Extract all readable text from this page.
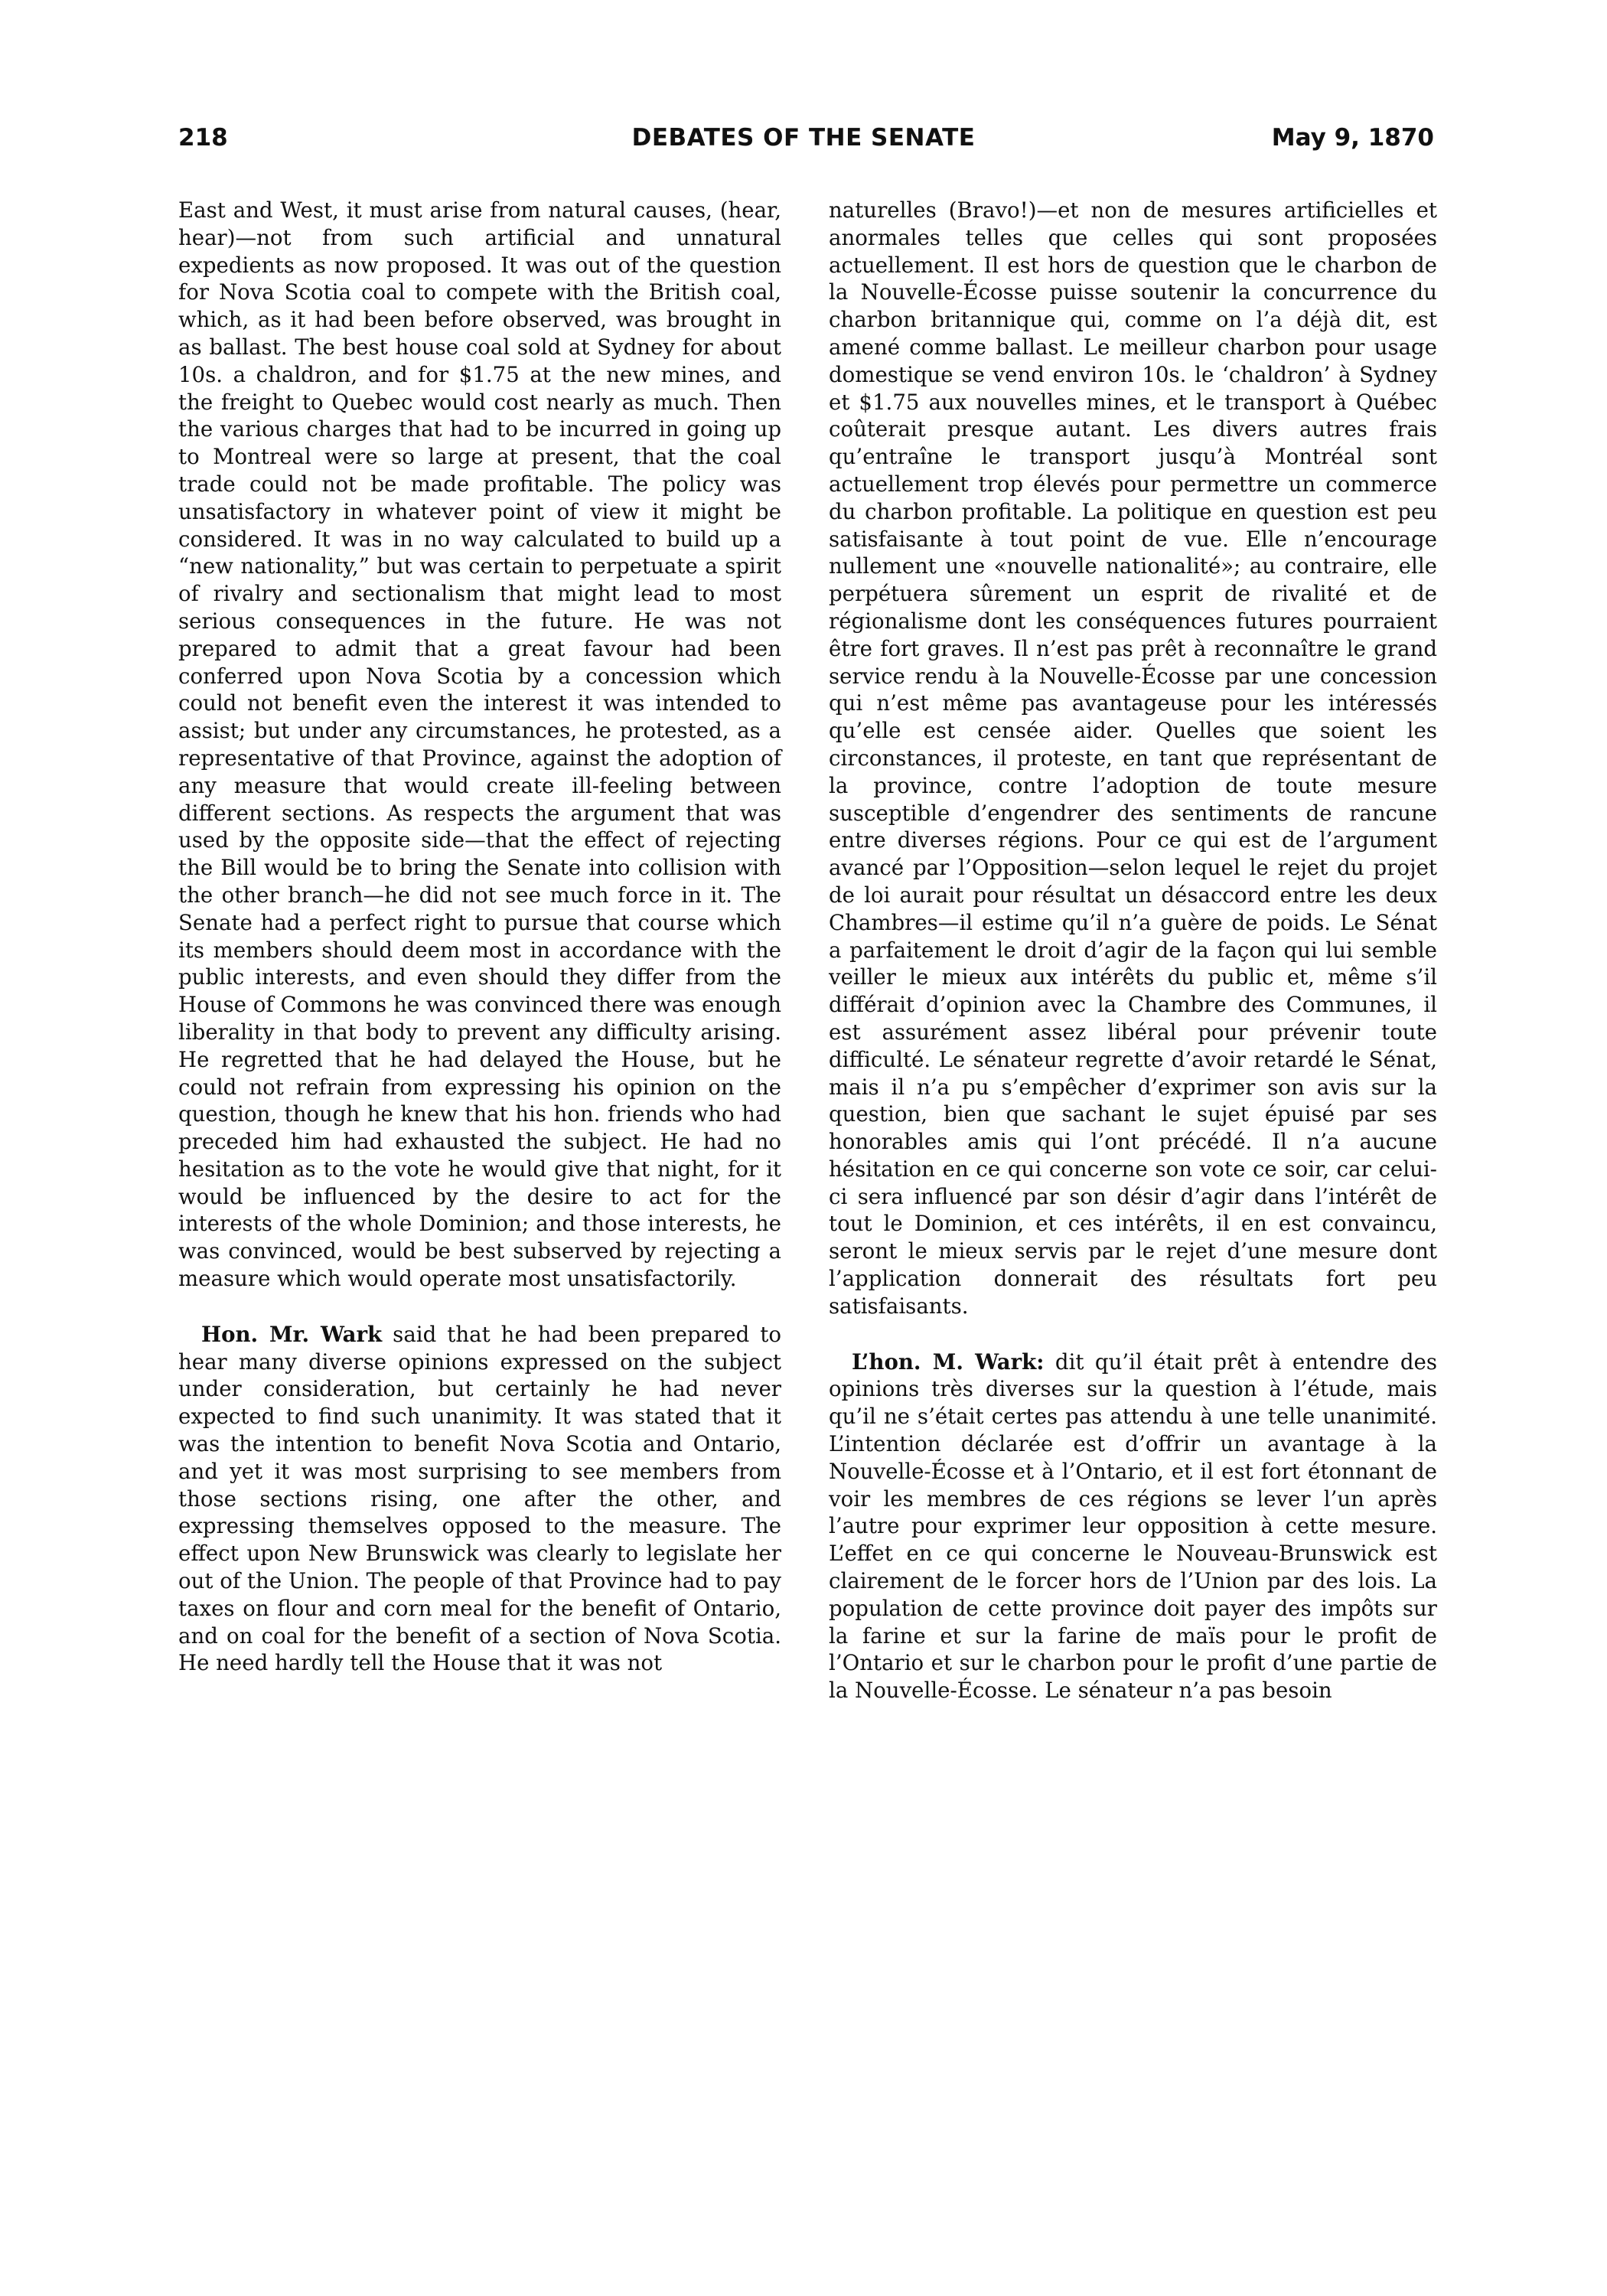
218	DEBATES OF THE SENATE	May 9, 1870

East and West, it must arise from natural causes, (hear, hear)—not from such artificial and unnatural expedients as now proposed. It was out of the question for Nova Scotia coal to compete with the British coal, which, as it had been before observed, was brought in as ballast. The best house coal sold at Sydney for about 10s. a chaldron, and for $1.75 at the new mines, and the freight to Quebec would cost nearly as much. Then the various charges that had to be incurred in going up to Montreal were so large at present, that the coal trade could not be made profitable. The policy was unsatisfactory in whatever point of view it might be considered. It was in no way calculated to build up a “new nationality,” but was certain to perpetuate a spirit of rivalry and sectionalism that might lead to most serious consequences in the future. He was not prepared to admit that a great favour had been conferred upon Nova Scotia by a concession which could not benefit even the interest it was intended to assist; but under any circumstances, he protested, as a representative of that Province, against the adoption of any measure that would create ill-feeling between different sections. As respects the argument that was used by the opposite side—that the effect of rejecting the Bill would be to bring the Senate into collision with the other branch—he did not see much force in it. The Senate had a perfect right to pursue that course which its members should deem most in accordance with the public interests, and even should they differ from the House of Commons he was convinced there was enough liberality in that body to prevent any difficulty arising. He regretted that he had delayed the House, but he could not refrain from expressing his opinion on the question, though he knew that his hon. friends who had preceded him had exhausted the subject. He had no hesitation as to the vote he would give that night, for it would be influenced by the desire to act for the interests of the whole Dominion; and those interests, he was convinced, would be best subserved by rejecting a measure which would operate most unsatisfactorily.

Hon. Mr. Wark said that he had been prepared to hear many diverse opinions expressed on the subject under consideration, but certainly he had never expected to find such unanimity. It was stated that it was the intention to benefit Nova Scotia and Ontario, and yet it was most surprising to see members from those sections rising, one after the other, and expressing themselves opposed to the measure. The effect upon New Brunswick was clearly to legislate her out of the Union. The people of that Province had to pay taxes on flour and corn meal for the benefit of Ontario, and on coal for the benefit of a section of Nova Scotia. He need hardly tell the House that it was not

naturelles (Bravo!)—et non de mesures artificielles et anormales telles que celles qui sont proposées actuellement. Il est hors de question que le charbon de la Nouvelle-Écosse puisse soutenir la concurrence du charbon britannique qui, comme on l’a déjà dit, est amené comme ballast. Le meilleur charbon pour usage domestique se vend environ 10s. le ‘chaldron’ à Sydney et $1.75 aux nouvelles mines, et le transport à Québec coûterait presque autant. Les divers autres frais qu’entraîne le transport jusqu’à Montréal sont actuellement trop élevés pour permettre un commerce du charbon profitable. La politique en question est peu satisfaisante à tout point de vue. Elle n’encourage nullement une «nouvelle nationalité»; au contraire, elle perpétuera sûrement un esprit de rivalité et de régionalisme dont les conséquences futures pourraient être fort graves. Il n’est pas prêt à reconnaître le grand service rendu à la Nouvelle-Écosse par une concession qui n’est même pas avantageuse pour les intéressés qu’elle est censée aider. Quelles que soient les circonstances, il proteste, en tant que représentant de la province, contre l’adoption de toute mesure susceptible d’engendrer des sentiments de rancune entre diverses régions. Pour ce qui est de l’argument avancé par l’Opposition—selon lequel le rejet du projet de loi aurait pour résultat un désaccord entre les deux Chambres—il estime qu’il n’a guère de poids. Le Sénat a parfaitement le droit d’agir de la façon qui lui semble veiller le mieux aux intérêts du public et, même s’il différait d’opinion avec la Chambre des Communes, il est assurément assez libéral pour prévenir toute difficulté. Le sénateur regrette d’avoir retardé le Sénat, mais il n’a pu s’empêcher d’exprimer son avis sur la question, bien que sachant le sujet épuisé par ses honorables amis qui l’ont précédé. Il n’a aucune hésitation en ce qui concerne son vote ce soir, car celui-ci sera influencé par son désir d’agir dans l’intérêt de tout le Dominion, et ces intérêts, il en est convaincu, seront le mieux servis par le rejet d’une mesure dont l’application donnerait des résultats fort peu satisfaisants.

L’hon. M. Wark: dit qu’il était prêt à entendre des opinions très diverses sur la question à l’étude, mais qu’il ne s’était certes pas attendu à une telle unanimité. L’intention déclarée est d’offrir un avantage à la Nouvelle-Écosse et à l’Ontario, et il est fort étonnant de voir les membres de ces régions se lever l’un après l’autre pour exprimer leur opposition à cette mesure. L’effet en ce qui concerne le Nouveau-Brunswick est clairement de le forcer hors de l’Union par des lois. La population de cette province doit payer des impôts sur la farine et sur la farine de maïs pour le profit de l’Ontario et sur le charbon pour le profit d’une partie de la Nouvelle-Écosse. Le sénateur n’a pas besoin
